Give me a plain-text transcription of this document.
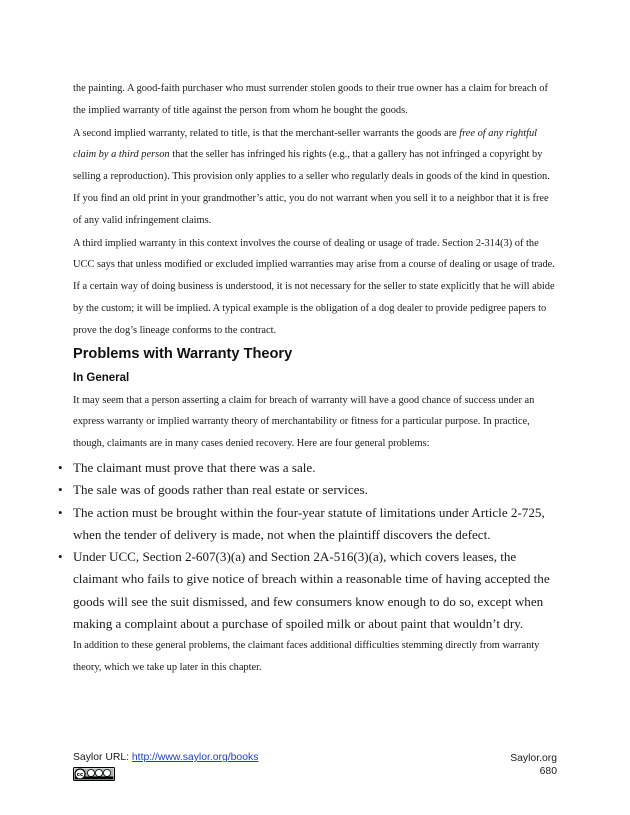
the painting. A good-faith purchaser who must surrender stolen goods to their true owner has a claim for breach of the implied warranty of title against the person from whom he bought the goods.

A second implied warranty, related to title, is that the merchant-seller warrants the goods are free of any rightful claim by a third person that the seller has infringed his rights (e.g., that a gallery has not infringed a copyright by selling a reproduction). This provision only applies to a seller who regularly deals in goods of the kind in question. If you find an old print in your grandmother’s attic, you do not warrant when you sell it to a neighbor that it is free of any valid infringement claims.

A third implied warranty in this context involves the course of dealing or usage of trade. Section 2-314(3) of the UCC says that unless modified or excluded implied warranties may arise from a course of dealing or usage of trade. If a certain way of doing business is understood, it is not necessary for the seller to state explicitly that he will abide by the custom; it will be implied. A typical example is the obligation of a dog dealer to provide pedigree papers to prove the dog’s lineage conforms to the contract.

Problems with Warranty Theory
In General

It may seem that a person asserting a claim for breach of warranty will have a good chance of success under an express warranty or implied warranty theory of merchantability or fitness for a particular purpose. In practice, though, claimants are in many cases denied recovery. Here are four general problems:

• The claimant must prove that there was a sale.
• The sale was of goods rather than real estate or services.
• The action must be brought within the four-year statute of limitations under Article 2-725, when the tender of delivery is made, not when the plaintiff discovers the defect.
• Under UCC, Section 2-607(3)(a) and Section 2A-516(3)(a), which covers leases, the claimant who fails to give notice of breach within a reasonable time of having accepted the goods will see the suit dismissed, and few consumers know enough to do so, except when making a complaint about a purchase of spoiled milk or about paint that wouldn’t dry.

In addition to these general problems, the claimant faces additional difficulties stemming directly from warranty theory, which we take up later in this chapter.

Saylor URL: http://www.saylor.org/books
cc
Saylor.org
680
